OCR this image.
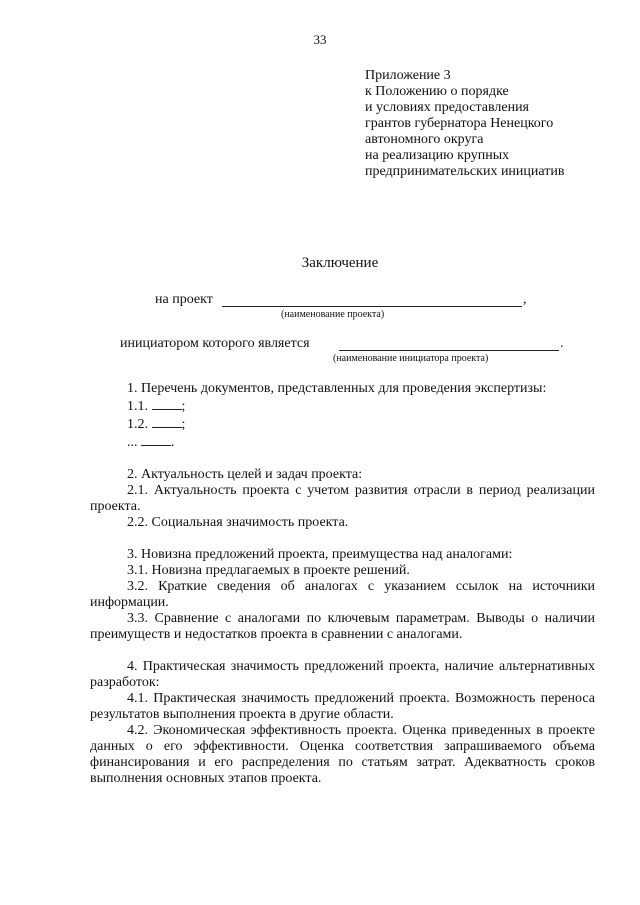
33
Приложение 3
к Положению о порядке
и условиях предоставления
грантов губернатора Ненецкого
автономного округа
на реализацию крупных
предпринимательских инициатив
Заключение
на проект	,
(наименование проекта)
инициатором которого является	.
(наименование инициатора проекта)

1. Перечень документов, представленных для проведения экспертизы:

1.1. ;

1.2. ;

... .

2. Актуальность целей и задач проекта:

2.1. Актуальность проекта с учетом развития отрасли в период реализации проекта.

2.2. Социальная значимость проекта.

3. Новизна предложений проекта, преимущества над аналогами:

3.1. Новизна предлагаемых в проекте решений.

3.2. Краткие сведения об аналогах с указанием ссылок на источники информации.

3.3. Сравнение с аналогами по ключевым параметрам. Выводы о наличии преимуществ и недостатков проекта в сравнении с аналогами.

4. Практическая значимость предложений проекта, наличие альтернативных разработок:

4.1. Практическая значимость предложений проекта. Возможность переноса результатов выполнения проекта в другие области.

4.2. Экономическая эффективность проекта. Оценка приведенных в проекте данных о его эффективности. Оценка соответствия запрашиваемого объема финансирования и его распределения по статьям затрат. Адекватность сроков выполнения основных этапов проекта.
